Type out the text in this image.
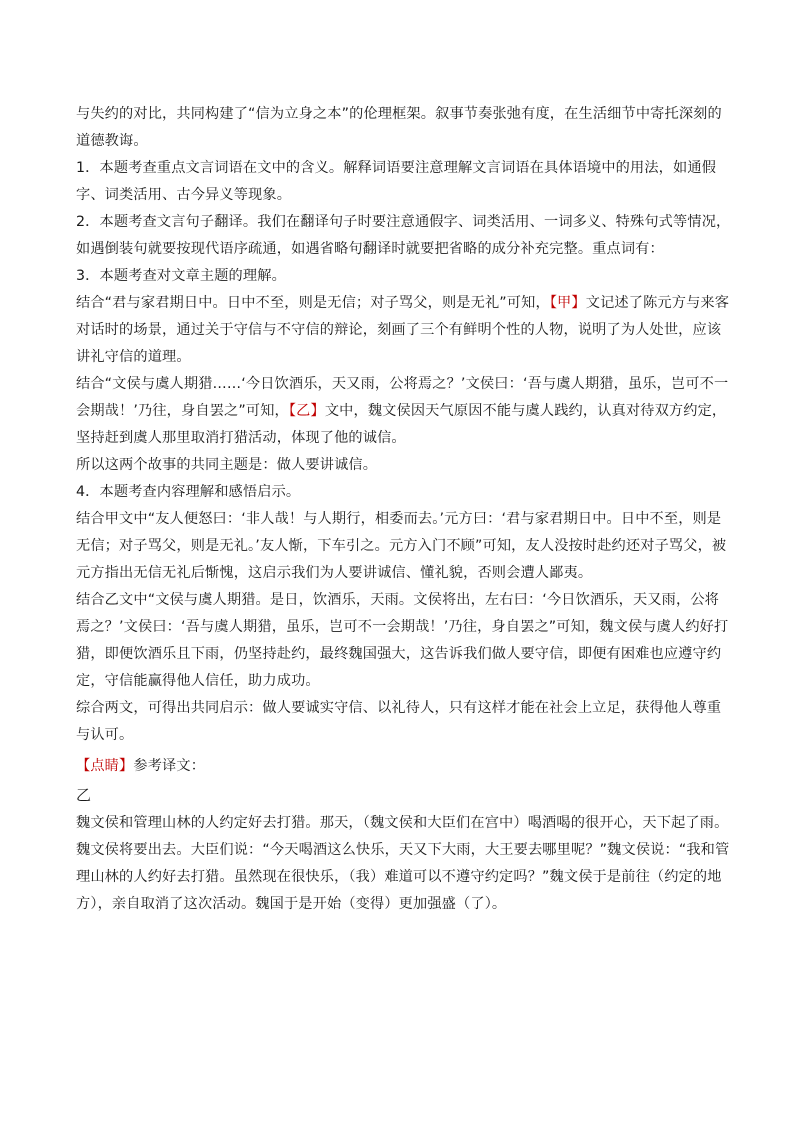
与失约的对比，共同构建了“信为立身之本”的伦理框架。叙事节奏张弛有度，在生活细节中寄托深刻的道德教诲。

1．本题考查重点文言词语在文中的含义。解释词语要注意理解文言词语在具体语境中的用法，如通假字、词类活用、古今异义等现象。

2．本题考查文言句子翻译。我们在翻译句子时要注意通假字、词类活用、一词多义、特殊句式等情况，如遇倒装句就要按现代语序疏通，如遇省略句翻译时就要把省略的成分补充完整。重点词有：

3．本题考查对文章主题的理解。

结合“君与家君期日中。日中不至，则是无信；对子骂父，则是无礼”可知，【甲】文记述了陈元方与来客对话时的场景，通过关于守信与不守信的辩论，刻画了三个有鲜明个性的人物，说明了为人处世，应该讲礼守信的道理。

结合“文侯与虞人期猎……‘今日饮酒乐，天又雨，公将焉之？’文侯曰：‘吾与虞人期猎，虽乐，岂可不一会期哉！’乃往，身自罢之”可知，【乙】文中，魏文侯因天气原因不能与虞人践约，认真对待双方约定，坚持赶到虞人那里取消打猎活动，体现了他的诚信。

所以这两个故事的共同主题是：做人要讲诚信。

4．本题考查内容理解和感悟启示。

结合甲文中“友人便怒曰：‘非人哉！与人期行，相委而去。’元方曰：‘君与家君期日中。日中不至，则是无信；对子骂父，则是无礼。’友人惭，下车引之。元方入门不顾”可知，友人没按时赴约还对子骂父，被元方指出无信无礼后惭愧，这启示我们为人要讲诚信、懂礼貌，否则会遭人鄙夷。

结合乙文中“文侯与虞人期猎。是日，饮酒乐，天雨。文侯将出，左右曰：‘今日饮酒乐，天又雨，公将焉之？’文侯曰：‘吾与虞人期猎，虽乐，岂可不一会期哉！’乃往，身自罢之”可知，魏文侯与虞人约好打猎，即便饮酒乐且下雨，仍坚持赴约，最终魏国强大，这告诉我们做人要守信，即便有困难也应遵守约定，守信能赢得他人信任，助力成功。

综合两文，可得出共同启示：做人要诚实守信、以礼待人，只有这样才能在社会上立足，获得他人尊重与认可。

【点睛】参考译文：

乙

魏文侯和管理山林的人约定好去打猎。那天，（魏文侯和大臣们在宫中）喝酒喝的很开心，天下起了雨。魏文侯将要出去。大臣们说：“今天喝酒这么快乐，天又下大雨，大王要去哪里呢？”魏文侯说：“我和管理山林的人约好去打猎。虽然现在很快乐，（我）难道可以不遵守约定吗？”魏文侯于是前往（约定的地方），亲自取消了这次活动。魏国于是开始（变得）更加强盛（了）。
